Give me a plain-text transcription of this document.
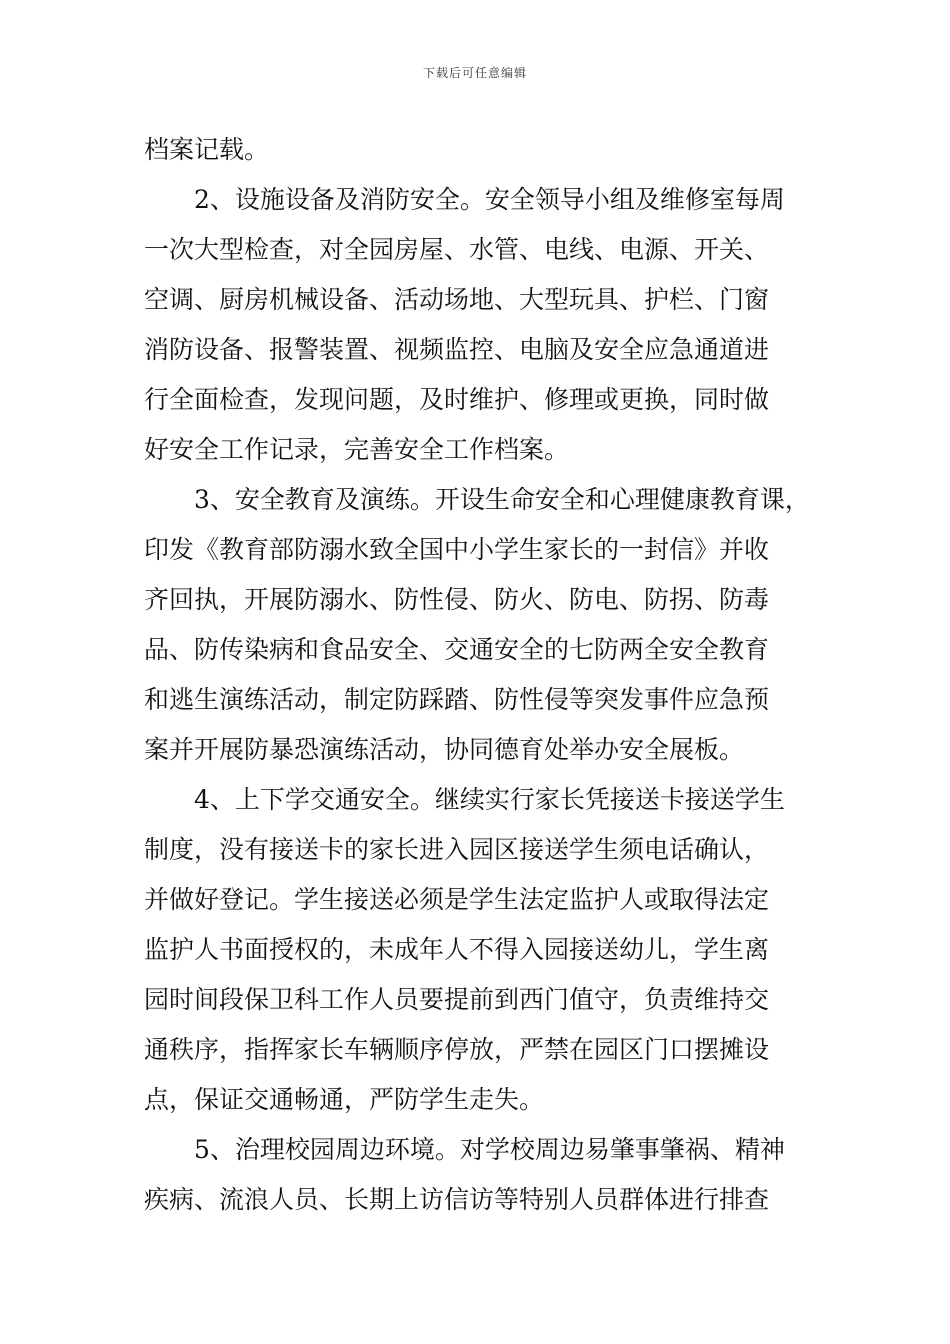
下载后可任意编辑
档案记载。
2、设施设备及消防安全。安全领导小组及维修室每周
一次大型检查，对全园房屋、水管、电线、电源、开关、
空调、厨房机械设备、活动场地、大型玩具、护栏、门窗
消防设备、报警装置、视频监控、电脑及安全应急通道进
行全面检查，发现问题，及时维护、修理或更换，同时做
好安全工作记录，完善安全工作档案。
3、安全教育及演练。开设生命安全和心理健康教育课，
印发《教育部防溺水致全国中小学生家长的一封信》并收
齐回执，开展防溺水、防性侵、防火、防电、防拐、防毒
品、防传染病和食品安全、交通安全的七防两全安全教育
和逃生演练活动，制定防踩踏、防性侵等突发事件应急预
案并开展防暴恐演练活动，协同德育处举办安全展板。
4、上下学交通安全。继续实行家长凭接送卡接送学生
制度，没有接送卡的家长进入园区接送学生须电话确认，
并做好登记。学生接送必须是学生法定监护人或取得法定
监护人书面授权的，未成年人不得入园接送幼儿，学生离
园时间段保卫科工作人员要提前到西门值守，负责维持交
通秩序，指挥家长车辆顺序停放，严禁在园区门口摆摊设
点，保证交通畅通，严防学生走失。
5、治理校园周边环境。对学校周边易肇事肇祸、精神
疾病、流浪人员、长期上访信访等特别人员群体进行排查
